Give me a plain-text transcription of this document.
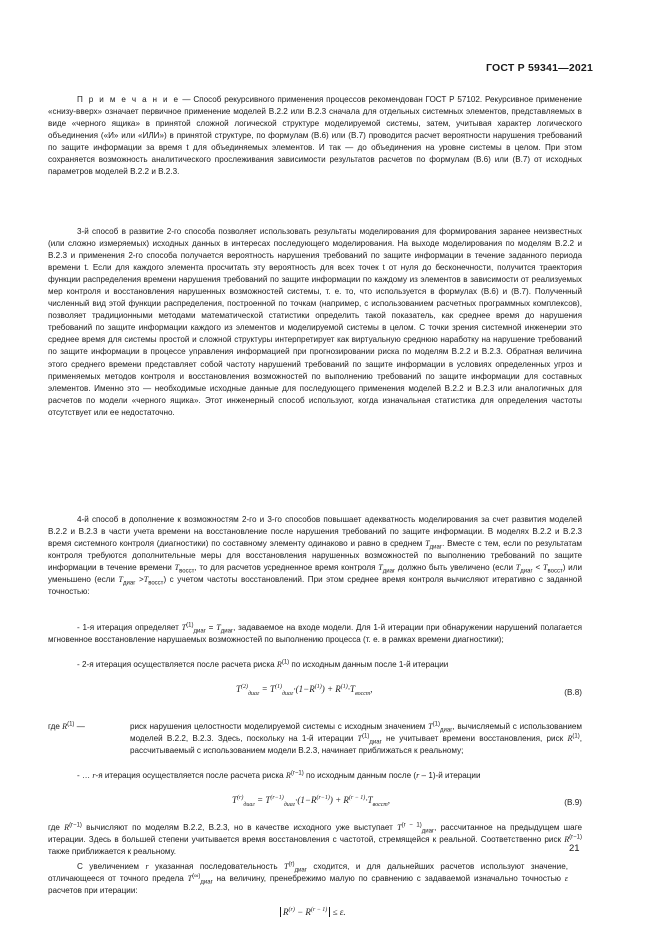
ГОСТ Р 59341—2021

П р и м е ч а н и е — Способ рекурсивного применения процессов рекомендован ГОСТ Р 57102. Рекурсивное применение «снизу-вверх» означает первичное применение моделей В.2.2 или В.2.3 сначала для отдельных системных элементов, представляемых в виде «черного ящика» в принятой сложной логической структуре моделируемой системы, затем, учитывая характер логического объединения («И» или «ИЛИ») в принятой структуре, по формулам (В.6) или (В.7) проводится расчет вероятности нарушения требований по защите информации за время t для объединяемых элементов. И так — до объединения на уровне системы в целом. При этом сохраняется возможность аналитического прослеживания зависимости результатов расчетов по формулам (В.6) или (В.7) от исходных параметров моделей В.2.2 и В.2.3.

3-й способ в развитие 2-го способа позволяет использовать результаты моделирования для формирования заранее неизвестных (или сложно измеряемых) исходных данных в интересах последующего моделирования. На выходе моделирования по моделям В.2.2 и В.2.3 и применения 2-го способа получается вероятность нарушения требований по защите информации в течение заданного периода времени t. Если для каждого элемента просчитать эту вероятность для всех точек t от нуля до бесконечности, получится траектория функции распределения времени нарушения требований по защите информации по каждому из элементов в зависимости от реализуемых мер контроля и восстановления нарушенных возможностей системы, т. е. то, что используется в формулах (В.6) и (В.7). Полученный численный вид этой функции распределения, построенной по точкам (например, с использованием расчетных программных комплексов), позволяет традиционными методами математической статистики определить такой показатель, как среднее время до нарушения требований по защите информации каждого из элементов и моделируемой системы в целом. С точки зрения системной инженерии это среднее время для системы простой и сложной структуры интерпретирует как виртуальную среднюю наработку на нарушение требований по защите информации в процессе управления информацией при прогнозировании риска по моделям В.2.2 и В.2.3. Обратная величина этого среднего времени представляет собой частоту нарушений требований по защите информации в условиях определенных угроз и применяемых методов контроля и восстановления возможностей по выполнению требований по защите информации для составных элементов. Именно это — необходимые исходные данные для последующего применения моделей В.2.2 и В.2.3 или аналогичных для расчетов по модели «черного ящика». Этот инженерный способ используют, когда изначальная статистика для определения частоты отсутствует или ее недостаточно.

4-й способ в дополнение к возможностям 2-го и 3-го способов повышает адекватность моделирования за счет развития моделей В.2.2 и В.2.3 в части учета времени на восстановление после нарушения требований по защите информации. В моделях В.2.2 и В.2.3 время системного контроля (диагностики) по составному элементу одинаково и равно в среднем $T_{диаг}$. Вместе с тем, если по результатам контроля требуются дополнительные меры для восстановления нарушенных возможностей по выполнению требований по защите информации в течение времени $T_{восст}$, то для расчетов усредненное время контроля $T_{диаг}$ должно быть увеличено (если $T_{диаг} < T_{восст}$) или уменьшено (если $T_{диаг} >T_{восст}$) с учетом частоты восстановлений. При этом среднее время контроля вычисляют итеративно с заданной точностью:

- 1-я итерация определяет $T^{(1)}_{диаг} = T_{диаг}$, задаваемое на входе модели. Для 1-й итерации при обнаружении нарушений полагается мгновенное восстановление нарушаемых возможностей по выполнению процесса (т. е. в рамках времени диагностики);

- 2-я итерация осуществляется после расчета риска $R^{(1)}$ по исходным данным после 1-й итерации

$T^{(2)}_{диаг} = T^{(1)}_{диаг}\cdot(1-R^{(1)}) + R^{(1)}\cdot T_{восст}$,	(В.8)
где $R^{(1)}$ —	риск нарушения целостности моделируемой системы с исходным значением $T^{(1)}_{диаг}$, вычисляемый с использованием моделей В.2.2, В.2.3. Здесь, поскольку на 1-й итерации $T^{(1)}_{диаг}$ не учитывает времени восстановления, риск $R^{(1)}$, рассчитываемый с использованием модели В.2.3, начинает приближаться к реальному;

- … r-я итерация осуществляется после расчета риска $R^{(r-1)}$ по исходным данным после (r – 1)-й итерации

$T^{(r)}_{диаг} = T^{(r-1)}_{диаг}\cdot(1-R^{(r-1)}) + R^{(r - 1)}\cdot T_{восст}$,	(В.9)

где $R^{(r-1)}$ вычисляют по моделям В.2.2, В.2.3, но в качестве исходного уже выступает $T^{(r - 1)}_{диаг}$, рассчитанное на предыдущем шаге итерации. Здесь в большей степени учитывается время восстановления с частотой, стремящейся к реальной. Соответственно риск $R^{(r-1)}$ также приближается к реальному.

С увеличением r указанная последовательность $T^{(r)}_{диаг}$ сходится, и для дальнейших расчетов используют значение, отличающееся от точного предела $T^{(\infty)}_{диаг}$ на величину, пренебрежимо малую по сравнению с задаваемой изначально точностью ε расчетов при итерации:

$R^{(r)} - R^{(r - 1)} \le \varepsilon$.
21
